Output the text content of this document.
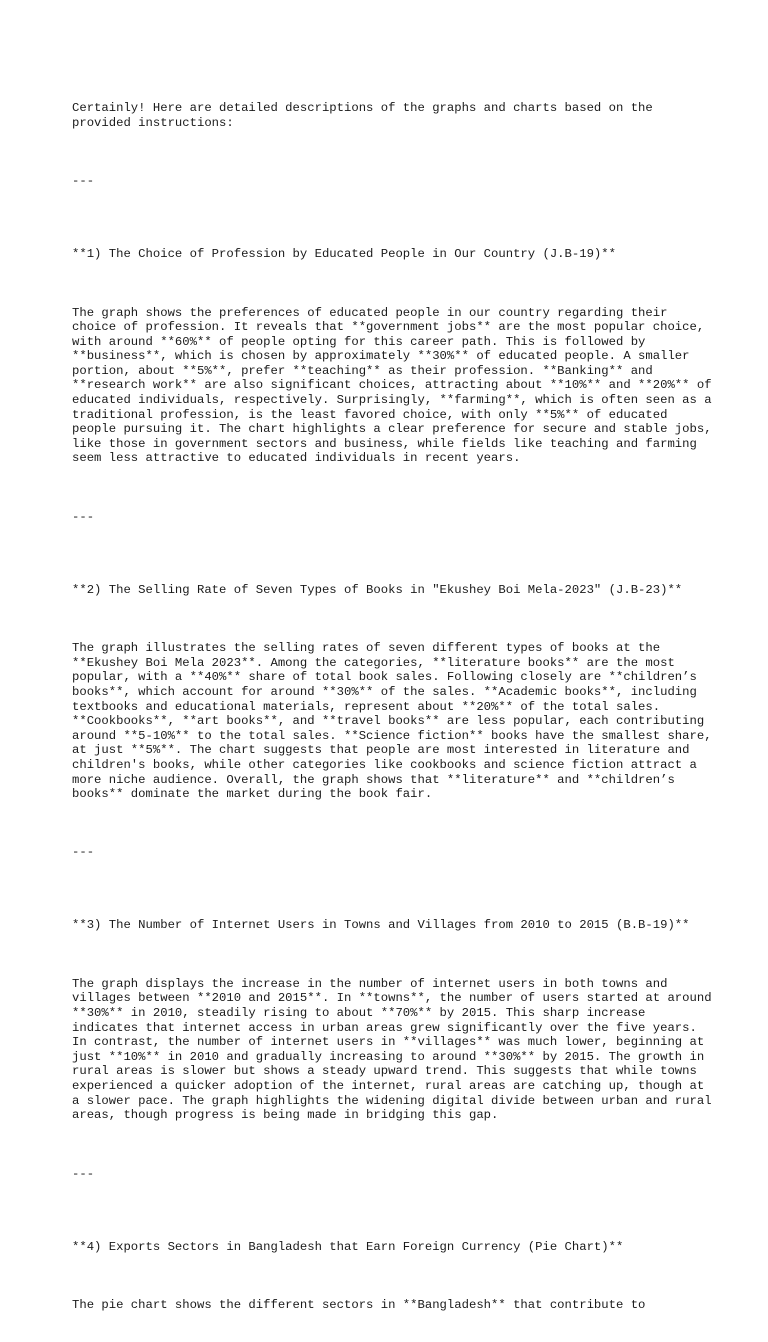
Certainly! Here are detailed descriptions of the graphs and charts based on the provided instructions:

---

**1) The Choice of Profession by Educated People in Our Country (J.B-19)**

The graph shows the preferences of educated people in our country regarding their choice of profession. It reveals that **government jobs** are the most popular choice, with around **60%** of people opting for this career path. This is followed by **business**, which is chosen by approximately **30%** of educated people. A smaller portion, about **5%**, prefer **teaching** as their profession. **Banking** and **research work** are also significant choices, attracting about **10%** and **20%** of educated individuals, respectively. Surprisingly, **farming**, which is often seen as a traditional profession, is the least favored choice, with only **5%** of educated people pursuing it. The chart highlights a clear preference for secure and stable jobs, like those in government sectors and business, while fields like teaching and farming seem less attractive to educated individuals in recent years.

---

**2) The Selling Rate of Seven Types of Books in "Ekushey Boi Mela-2023" (J.B-23)**

The graph illustrates the selling rates of seven different types of books at the **Ekushey Boi Mela 2023**. Among the categories, **literature books** are the most popular, with a **40%** share of total book sales. Following closely are **children’s books**, which account for around **30%** of the sales. **Academic books**, including textbooks and educational materials, represent about **20%** of the total sales. **Cookbooks**, **art books**, and **travel books** are less popular, each contributing around **5-10%** to the total sales. **Science fiction** books have the smallest share, at just **5%**. The chart suggests that people are most interested in literature and children's books, while other categories like cookbooks and science fiction attract a more niche audience. Overall, the graph shows that **literature** and **children’s books** dominate the market during the book fair.

---

**3) The Number of Internet Users in Towns and Villages from 2010 to 2015 (B.B-19)**

The graph displays the increase in the number of internet users in both towns and villages between **2010 and 2015**. In **towns**, the number of users started at around **30%** in 2010, steadily rising to about **70%** by 2015. This sharp increase indicates that internet access in urban areas grew significantly over the five years. In contrast, the number of internet users in **villages** was much lower, beginning at just **10%** in 2010 and gradually increasing to around **30%** by 2015. The growth in rural areas is slower but shows a steady upward trend. This suggests that while towns experienced a quicker adoption of the internet, rural areas are catching up, though at a slower pace. The graph highlights the widening digital divide between urban and rural areas, though progress is being made in bridging this gap.

---

**4) Exports Sectors in Bangladesh that Earn Foreign Currency (Pie Chart)**

The pie chart shows the different sectors in **Bangladesh** that contribute to
